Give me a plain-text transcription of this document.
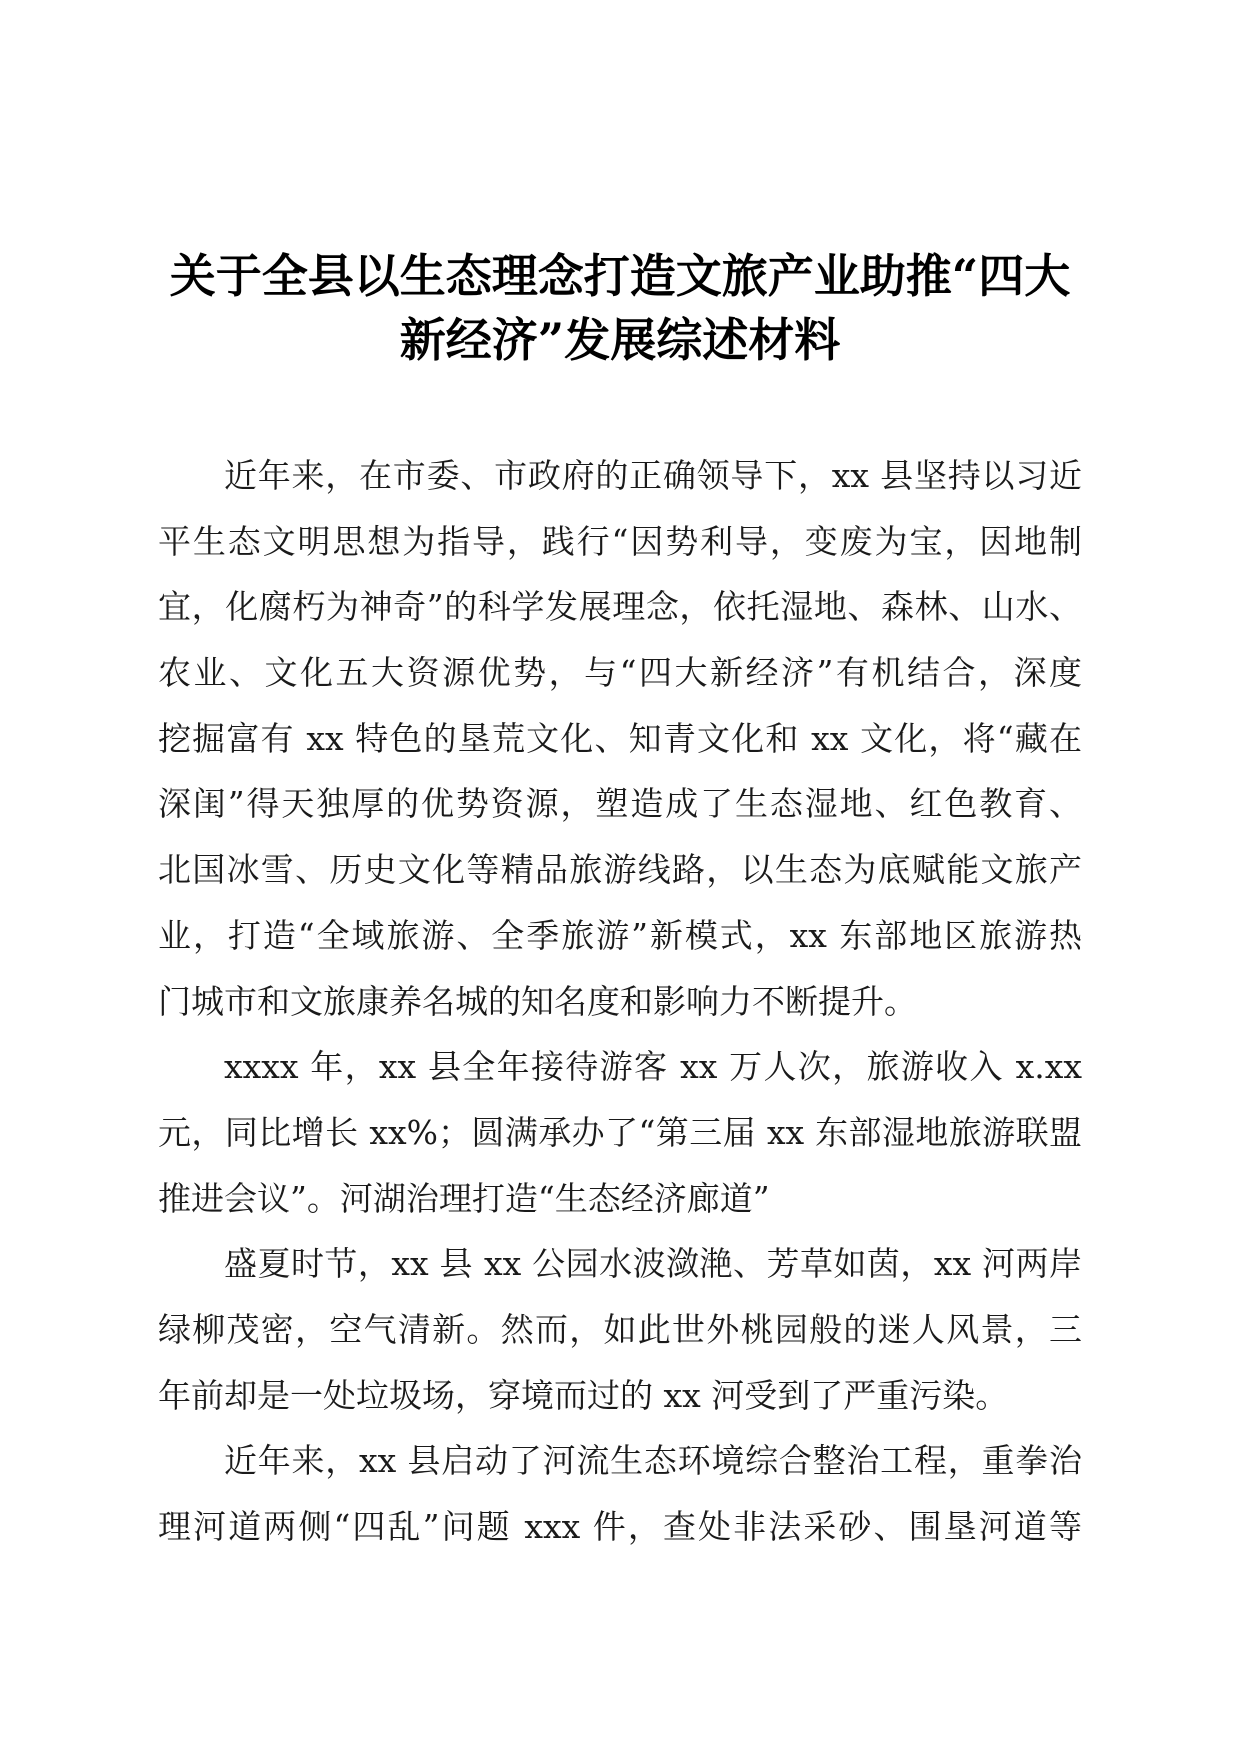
关于全县以生态理念打造文旅产业助推“四大
新经济”发展综述材料
近年来，在市委、市政府的正确领导下，xx 县坚持以习近
平生态文明思想为指导，践行“因势利导，变废为宝，因地制
宜，化腐朽为神奇”的科学发展理念，依托湿地、森林、山水、
农业、文化五大资源优势，与“四大新经济”有机结合，深度
挖掘富有 xx 特色的垦荒文化、知青文化和 xx 文化，将“藏在
深闺”得天独厚的优势资源，塑造成了生态湿地、红色教育、
北国冰雪、历史文化等精品旅游线路，以生态为底赋能文旅产
业，打造“全域旅游、全季旅游”新模式，xx 东部地区旅游热
门城市和文旅康养名城的知名度和影响力不断提升。
xxxx 年，xx 县全年接待游客 xx 万人次，旅游收入 x.xx
元，同比增长 xx%；圆满承办了“第三届 xx 东部湿地旅游联盟
推进会议”。河湖治理打造“生态经济廊道”
盛夏时节，xx 县 xx 公园水波潋滟、芳草如茵，xx 河两岸
绿柳茂密，空气清新。然而，如此世外桃园般的迷人风景，三
年前却是一处垃圾场，穿境而过的 xx 河受到了严重污染。
近年来，xx 县启动了河流生态环境综合整治工程，重拳治
理河道两侧“四乱”问题 xxx 件，查处非法采砂、围垦河道等
